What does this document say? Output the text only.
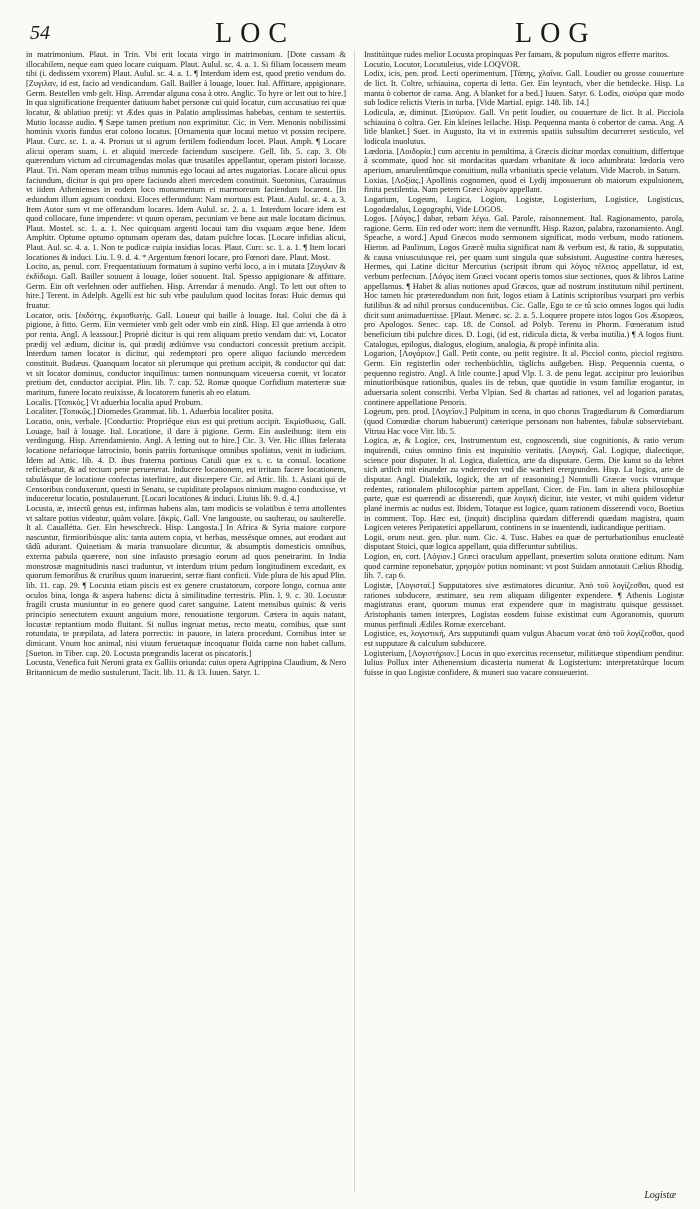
54	LOC	LOG

in matrimonium. Plaut. in Trin. Vbi erit locata virgo in matrimonium. [Dote cassam & illocabilem, neque eam queo locare cuiquam. Plaut. Aulul. sc. 4. a. 1. Si filiam locassem meam tibi (i. dedissem vxorem) Plaut. Aulul. sc. 4. a. 1. ¶ Interdum idem est, quod pretio vendum do. [Ζυγιλαν, id est, facio ad vendicandum. Gall. Bailler à louage, louer. Ital. Affittare, appigionare. Germ. Bestellen vmb gelt. Hisp. Arrendar alguna cosa à otro. Anglic. To hyre or lett out to hire.] In qua significatione frequenter datiuum habet personæ cui quid locatur, cum accusatiuo rei quæ locatur, & ablatiuo pretij: vt Ædes quas in Palatio amplissimas habebas, centum te sestertiis. Mutio locasse audio. ¶ Sæpe tamen pretium non exprimitur. Cic. in Verr. Menonis nobilissimi hominis vxoris fundus erat colono locatus. [Ornamenta quæ locaui metuo vt possim recipere. Plaut. Curc. sc. 1. a. 4. Prorsus ut si agrum fertilem fodiendum locet. Plaut. Amph. ¶ Locare alicui operam suam, i. et aliquid mercede faciendum suscipere. Gell. lib. 5. cap. 3. Ob quærendum victum ad circumagendas molas quæ trusatiles appellantur, operam pistori locasse. Plaut. Tri. Nam operam meam tribus nummis ego locaui ad artes nugatorias. Locare alicui opus faciundum, dicitur is qui pro opere faciundo alteri mercedem constituit. Suetonius, Curauimus vt iidem Athenienses in eodem loco monumentum ei marmoreum faciendum locarent. [In ædundum illum agnum conduxi. Eloces efferundum: Nam mortuus est. Plaut. Aulul. sc. 4. a. 3. Item Autor sum vt me offerandum locares. Idem Aulul. sc. 2. a. 1. Interdum locare idem est quod collocare, fune impendere: vt quum operam, pecuniam ve bene aut male locatam dicimus. Plaut. Mostel. sc. 1. a. 1. Nec quicquam argenti locaui tam diu vsquam æque bene. Idem Amphitr. Optume optumo optumam operam das, datam pulchre locas. [Locare infidias alicui, Plaut. Aul. sc. 4. a. 1. Non te pudicæ cuipia insidias locas. Plaut. Curc. sc. 1. a. 1. ¶ Item locari locationes & induci. Liu. l. 9. d. 4. * Argentum fœnori locare, pro Fœnori dare. Plaut. Most.

Locito, as, penul. corr. Frequentatiuum formatum à supino verbi loco, a in i mutata [Ζυγιλαν & ἐκδίδωμι. Gall. Bailler souuent à louage, loüer souuent. Ital. Spesso appigionare & affittare. Germ. Ein oft verlehnen oder auffiehen. Hisp. Arrendar á menudo. Angl. To lett out often to hire.] Terent. in Adelph. Agelli est hic sub vrbe paululum quod locitas foras: Huic demus qui fruatur.

Locator, oris. [ἐκδότης, ἐκμισθωτής. Gall. Loueur qui baille à louage. Ital. Colui che dà à pigione, à fitto. Germ. Ein vermieter vmb gelt oder vmb ein zinß. Hisp. El que arrienda à otro por renta. Angl. A leassour.] Propriè dicitur is qui rem aliquam pretio vendam dat: vt, Locator prædij vel ædium, dicitur is, qui prædij ædiúmve vsu conductori concessit pretium accipit. Interdum tamen locator is dicitur, qui redemptori pro opere aliquo faciundo mercedem constituit. Budæus. Quanquam locator sit plerumque qui pretium accipit, & conductor qui dat: vt sit locator dominus, conductor inquilinus: tamen nonnunquam viceuersa cuenit, vt locator pretium det, conductor accipiat. Plin. lib. 7. cap. 52. Romæ quoque Corfidium materteræ suæ maritum, funere locato reuixisse, & locatorem funeris ab eo elatum.

Localis. [Τοπικός.] Vt aduerbia localia apud Probum.

Localiter. [Τοπικῶς.] Diomedes Grammat. lib. 1. Aduerbia localiter posita.

Locatio, onis, verbale. [Conductio: Propriéque eius est qui pretium accipit. Ἐκμίσθωσις. Gall. Louage, bail à louage. Ital. Locatione, il dare à pigione. Germ. Ein ausleihung: item ein verdingung. Hisp. Arrendamiento. Angl. A letting out to hire.] Cic. 3. Ver. Hic illius fælerata locatione nefarioque latrocinio, bonis patriis fortunisque omnibus spoliatus, venit in iudicium. Idem ad Attic. lib. 4. D. ibus fraterna portious Catuli quæ ex s. c. ta consul. locatione reficiebatur, & ad tectum pene peruenerat. Inducere locationem, est irritam facere locationem, tabulásque de locatione confectas interlinire, aut discerpere Cic. ad Attic. lib. 1. Asiani qui de Censoribus conduxerunt, questi in Senatu, se cupiditate prolapsos nimium magno conduxisse, vt induceretur locatio, postulauerunt. [Locari locationes & induci. Liuius lib. 9. d. 4.]

Locusta, æ, insectû genus est, infirmas habens alas, tam modicis se volatibus è terra attollentes vt saltare potius videatur, quàm volare. [ἀκρίς. Gall. Vne langouste, ou saulterau, ou saulterelle. It al. Cauallétta. Ger. Ein hewschreck. Hisp. Langosta.] In Africa & Syria maiore corpore nascuntur, firmioribúsque alis: tanta autem copia, vt herbas, messésque omnes, aut erodant aut tâdû adurant. Quinetiam & maria transuolare dicuntur, & absumptis domesticis omnibus, externa pabula quærere, non sine infausto præsagio eorum ad quos penetrarint. In India monstrosæ magnitudinis nasci traduntur, vt interdum trium pedum longitudinem excedant, ex quorum femoribus & cruribus quum inaruerint, serræ fiant conficii. Vide plura de his apud Plin. lib. 11. cap. 29. ¶ Locusta etiam piscis est ex genere crustatorum, corpore longo, cornua ante oculos bina, longa & aspera habens: dicta à similitudine terrestris. Plin. l. 9. c. 30. Locustæ fragili crusta muniuntur in eo genere quod caret sanguine. Latent mensibus quinis: & veris principio senectutem exuunt anguium more, renouatione tergorum. Cætera in aquis natant, locustæ reptantium modo fluitant. Si nullus ingruat metus, recto meatu, cornibus, quæ sunt rotundata, te præpilata, ad latera porrectis: in pauore, in latera procedunt. Cornibus inter se dimicant. Vnum hoc animal, nisi viuum feruetaquæ incoquatur fluida carne non habet callum. [Sueton. in Tiber. cap. 20. Locusta prægrandis lacerat os piscatoris.]

Locusta, Venefica fuit Neroni grata ex Galliis oriunda: cuius opera Agrippina Claudium, & Nero Britannicum de medio sustulerunt. Tacit. lib. 11. & 13. Iuuen. Satyr. 1.

Institúitque rudes melior Locusta propinquas Per famam, & populum nigros efferre maritos.

Locutio, Locutor, Locutuleius, vide LOQVOR.

Lodix, icis, pen. prod. Lecti operimentum. [Τάπης, χλαῖνα. Gall. Loudier ou grosse couuerture de lict. It. Coltre, schiauina, coperta di letto. Ger. Ein leyntuch, vber die bettdecke. Hisp. La manta ò cobertor de cama. Ang. A blanket for a bed.] Iuuen. Satyr. 6. Lodix, σισύρα quæ modo sub lodice relictis Vteris in turba. [Vide Martial. epigr. 148. lib. 14.]

Lodicula, æ, diminut. [Σισύριον. Gall. Vn petit loudier, ou couuerture de lict. It al. Picciola schiauina ò coltra. Ger. Ein kleines leilache. Hisp. Pequenna manta ò cobertor de cama. Ang. A litle blanket.] Suet. in Augusto, Ita vt in extremis spatiis subsultim decurreret sesticulo, vel lodicula inuolutus.

Lœdoria. [Λοιδορία.] cum accentu in penultima, à Græcis dicitur mordax conuitium, differtque à scommate, quod hoc sit mordacitas quædam vrbanitate & ioco adumbrata: lœdoria vero aperium, amarulentûmque conuitium, nulla vrbanitatis specie velatum. Vide Macrob. in Saturn.

Loxias. [Λοξίας.] Apollinis cognomen, quod ei Lydij imposuerunt ob maiorum expulsionem, finita pestilentia. Nam petem Græci λοιμὸν appellant.

Logarium, Logeum, Logica, Logion, Logistæ, Logisterium, Logistice, Logisticus, Logodædalus, Logographi, Vide LOGOS.

Logos. [Λόγος.] dabar, rebam λέγω. Gal. Parole, raisonnement. Ital. Ragionamento, parola, ragione. Germ. Ein red oder wort: item die vernunfft. Hisp. Razon, palabra, razonamiento. Angl. Speache, a word.] Apud Græcos modo sermonem significat, modo verbum, modo rationem. Hieron. ad Paulinum, Logos Græcè multa significat nam & verbum est, & ratio, & supputatio, & causa vniuscuiusque rei, per quam sunt singula quæ subsistunt. Augustine contra hæreses, Hermes, qui Latine dicitur Mercurius (scripsit ibrum qui λόγος τέλειος appellatur, id est, verbum perfectum. [Λόγος item Græci vocant operis tomos siue sectiones, quos & libros Latine appellamus. ¶ Habet & alias notiones apud Græcos, quæ ad nostrum institutum nihil pertinent. Hoc tamen hic præteredundum non fuit, logos etiam à Latinis scriptoribus vsurpari pro verbis futilibus & ad nihil prorsus conducentibus. Cic. Galle, Ego te ce tû scio omnes logos qui ludis dicit sunt animaduertisse. [Plaut. Menæc. sc. 2. a. 5. Loquere propere istos logos Gos Æsopæos, pro Apologos. Senec. cap. 18. de Consol. ad Polyb. Terenu in Phorm. Fœneratum istud beneficium tibi pulchre dices. D. Logi, (id est, ridicula dicta, & verba inutilia.) ¶ A logos fiunt. Catalogus, epilogus, dialogus, elogium, analogia, & propè infinita alia.

Logarion, [Λογάριον.] Gall. Petit conte, ou petit registre. It al. Picciol conto, picciol registro. Germ. Ein registerlin oder rechenbüchlin, täglichs außgeben. Hisp. Pequennia cuenta, o pequenno registro. Angl. A litle counte.] apud Vlp. l. 3. de penu legat. accipitur pro leuioribus minutioribúsque rationibus, quales iis de rebus, quæ quotidie in vsum familiæ erogantur, in aduersaria solent conscribi. Verba Vlpian. Sed & chartas ad rationes, vel ad logarion paratas, continere appellatione Penoris.

Logeum, pen. prod. [Λογεῖον.] Pulpitum in scena, in quo chorus Tragœdiarum & Comœdiarum (quod Comœdiæ chorum habuerunt) cæterique personam non habentes, fabulæ subserviebant. Vitruu Hac voce Vitr. lib. 5.

Logica, æ, & Logice, ces, Instrumentum est, cognoscendi, siue cognitionis, & ratio verum inquirendi, cuius omnino finis est inquisitio veritatis. [Λογική. Gal. Logique, dialectique, science pour disputer. It al. Logica, dialettica, arte da disputare. Germ. Die kunst so da lehret sich artlich mit einander zu vnderreden vnd die warheit erergrunden. Hisp. La logica, arte de disputar. Angl. Dialektik, logick, the art of reasonning.] Nonnulli Græcæ vocis vtrumque redentes, rationalem philosophiæ partem appellant. Cicer. de Fin. Iam in altera philosophiæ parte, quæ est quærendi ac disserendi, quæ λογική dicitur, iste vester, vt mihi quidem videtur plané inermis ac nudus est. Ibidem, Totaque est logice, quam rationem disserendi voco, Boetius in comment. Top. Hæc est, (inquit) disciplina quædam differendi quædam magistra, quam Logicen veteres Peripatetici appellarunt, continens in se inueniendi, iudicandique peritiam.

Logii, orum neut. gen. plur. num. Cic. 4. Tusc. Habes ea quæ de perturbationibus enucleatè disputant Stoici, quæ logica appellant, quia differuntur subtilius.

Logion, en, cort. [Λόγιον.] Græci oraculum appellant, præsertim soluta oratione editum. Nam quod carmine reponebatur, χρησμὸν potius nominant: vt post Suidam annotauit Cælius Rhodig. lib. 7. cap 6.

Logistæ, [Λογισταί.] Supputatores sive æstimatores dicuntur. Ἀπὸ τοῦ λογίζεσθαι, quod est rationes subducere, æstimare, seu rem aliquam diligenter expendere. ¶ Athenis Logistæ magistratus erant, quorum munus erat expendere quæ in magistratu quisque gessisset. Aristophanis tamen interpres, Logistas eosdem fuisse existimat cum Agoranomis, quorum munus perfinuli Ædiles Romæ exercebant.

Logistice, es, λογιστική, Ars supputandi quam vulgus Abacum vocat ἀπὸ τοῦ λογίζεσθαι, quod est supputare & calculum subducere.

Logisterium, [Λογιστήριον.] Locus in quo exercitus recensetur, militiæque stipendium penditur. Iulius Pollux inter Athenensium dicasteria numerat & Logisterium: interpretatúrque locum fuisse in quo Logistæ confidere, & muneri suo vacare consueuerint.

Logistæ
